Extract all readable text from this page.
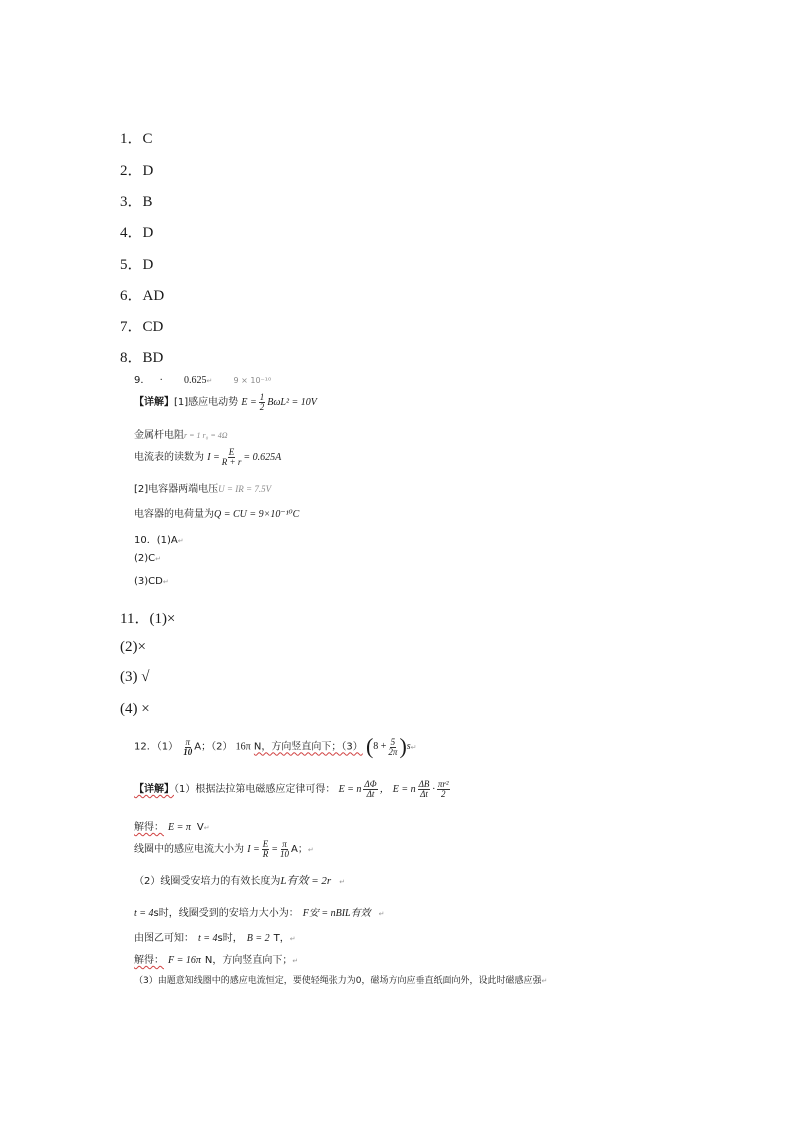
1．C
2．D
3．B
4．D
5．D
6．AD
7．CD
8．BD
9． · 0.625↵	9 × 10⁻¹⁰
【详解】[1]感应电动势 $E = \frac{1}{2} B\omega L^2 = 10V$
金属杆电阻r = 1 r₀ = 4Ω
电流表的读数为 $I = \frac{E}{R + r} = 0.625A$
[2]电容器两端电压U = IR = 7.5V
电容器的电荷量为Q = CU = 9×10⁻¹⁰C
10．(1)A↵
(2)C↵
(3)CD↵
11．(1)×
(2)×
(3) √
(4) ×
12．$(1) \frac{\pi}{10}$ A；（2） 16π N，方向竖直向下；（3） ($8 + \frac{5}{2\pi}$ )s↵
【详解】（1）根据法拉第电磁感应定律可得： E = n $\frac{\Delta\Phi}{\Delta t}$ ， E = n $\frac{\Delta B}{\Delta t} \cdot \frac{\text{πr²}}{2}$
解得： E = π V↵
线圈中的感应电流大小为 $I = \frac{E}{R} = \frac{\pi}{10}$ A；↵
（2）线圈受安培力的有效长度为L有效 = 2r ↵
t = 4s时，线圈受到的安培力大小为： F安 = nBIL有效 ↵
由图乙可知： t = 4s时， B = 2 T，↵
解得： F = 16π N，方向竖直向下；↵
（3）由题意知线圈中的感应电流恒定，要使轻绳张力为0，磁场方向应垂直纸面向外，设此时磁感应强↵
